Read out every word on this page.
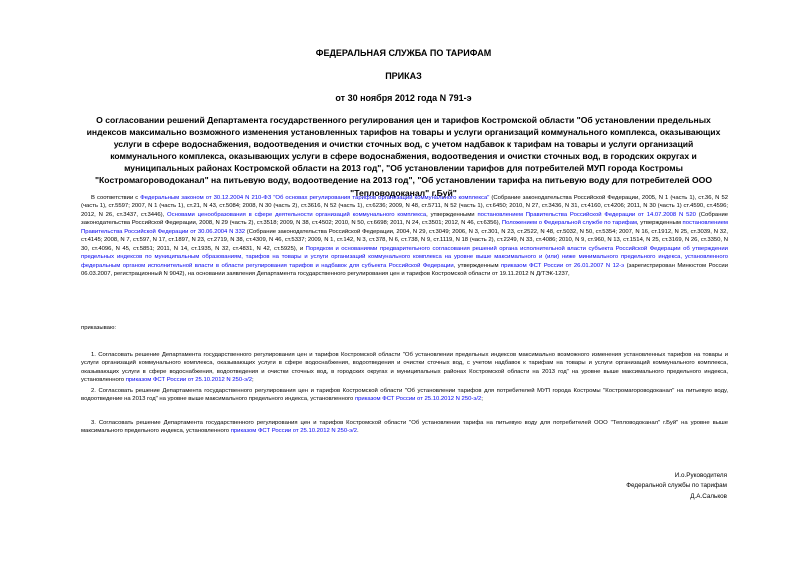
ФЕДЕРАЛЬНАЯ СЛУЖБА ПО ТАРИФАМ
ПРИКАЗ
от 30 ноября 2012 года N 791-э
О согласовании решений Департамента государственного регулирования цен и тарифов Костромской области "Об установлении предельных индексов максимально возможного изменения установленных тарифов на товары и услуги организаций коммунального комплекса, оказывающих услуги в сфере водоснабжения, водоотведения и очистки сточных вод, с учетом надбавок к тарифам на товары и услуги организаций коммунального комплекса, оказывающих услуги в сфере водоснабжения, водоотведения и очистки сточных вод, в городских округах и муниципальных районах Костромской области на 2013 год", "Об установлении тарифов для потребителей МУП города Костромы "Костромагороводоканал" на питьевую воду, водоотведение на 2013 год", "Об установлении тарифа на питьевую воду для потребителей ООО "Тепловодоканал" г.Буй"
В соответствии с Федеральным законом от 30.12.2004 N 210-ФЗ "Об основах регулирования тарифов организаций коммунального комплекса" (Собрание законодательства Российской Федерации, 2005, N 1 (часть 1), ст.36, N 52 (часть 1), ст.5597; 2007, N 1 (часть 1), ст.21, N 43, ст.5084; 2008, N 30 (часть 2), ст.3616, N 52 (часть 1), ст.6236; 2009, N 48, ст.5711, N 52 (часть 1), ст.6450; 2010, N 27, ст.3436, N 31, ст.4160, ст.4206; 2011, N 30 (часть 1) ст.4590, ст.4596; 2012, N 26, ст.3437, ст.3446), Основами ценообразования в сфере деятельности организаций коммунального комплекса, утвержденными постановлением Правительства Российской Федерации от 14.07.2008 N 520 (Собрание законодательства Российской Федерации, 2008, N 29 (часть 2), ст.3518; 2009, N 38, ст.4502; 2010, N 50, ст.6698; 2011, N 24, ст.3501; 2012, N 46, ст.6356), Положением о Федеральной службе по тарифам, утвержденным постановлением Правительства Российской Федерации от 30.06.2004 N 332 (Собрание законодательства Российской Федерации, 2004, N 29, ст.3049; 2006, N 3, ст.301, N 23, ст.2522, N 48, ст.5032, N 50, ст.5354; 2007, N 16, ст.1912, N 25, ст.3039, N 32, ст.4145; 2008, N 7, ст.597, N 17, ст.1897, N 23, ст.2719, N 38, ст.4309, N 46, ст.5337; 2009, N 1, ст.142, N 3, ст.378, N 6, ст.738, N 9, ст.1119, N 18 (часть 2), ст.2249, N 33, ст.4086; 2010, N 9, ст.960, N 13, ст.1514, N 25, ст.3169, N 26, ст.3350, N 30, ст.4096, N 45, ст.5851; 2011, N 14, ст.1935, N 32, ст.4831, N 42, ст.5925), и Порядком и основаниями предварительного согласования решений органа исполнительной власти субъекта Российской Федерации об утверждении предельных индексов по муниципальным образованиям, тарифов на товары и услуги организаций коммунального комплекса на уровне выше максимального и (или) ниже минимального предельного индекса, установленного федеральным органом исполнительной власти в области регулирования тарифов и надбавок для субъекта Российской Федерации, утвержденным приказом ФСТ России от 26.01.2007 N 12-э (зарегистрирован Минюстом России 06.03.2007, регистрационный N 9042), на основании заявления Департамента государственного регулирования цен и тарифов Костромской области от 19.11.2012 N Д/ТЭК-1237,
приказываю:
1. Согласовать решение Департамента государственного регулирования цен и тарифов Костромской области "Об установлении предельных индексов максимально возможного изменения установленных тарифов на товары и услуги организаций коммунального комплекса, оказывающих услуги в сфере водоснабжения, водоотведения и очистки сточных вод, с учетом надбавок к тарифам на товары и услуги организаций коммунального комплекса, оказывающих услуги в сфере водоснабжения, водоотведения и очистки сточных вод, в городских округах и муниципальных районах Костромской области на 2013 год" на уровне выше максимального предельного индекса, установленного приказом ФСТ России от 25.10.2012 N 250-э/2;
2. Согласовать решение Департамента государственного регулирования цен и тарифов Костромской области "Об установлении тарифов для потребителей МУП города Костромы "Костромагороводоканал" на питьевую воду, водоотведение на 2013 год" на уровне выше максимального предельного индекса, установленного приказом ФСТ России от 25.10.2012 N 250-э/2;
3. Согласовать решение Департамента государственного регулирования цен и тарифов Костромской области "Об установлении тарифа на питьевую воду для потребителей ООО "Тепловодоканал" г.Буй" на уровне выше максимального предельного индекса, установленного приказом ФСТ России от 25.10.2012 N 250-э/2.
И.о.Руководителя
Федеральной службы по тарифам
Д.А.Сальков
